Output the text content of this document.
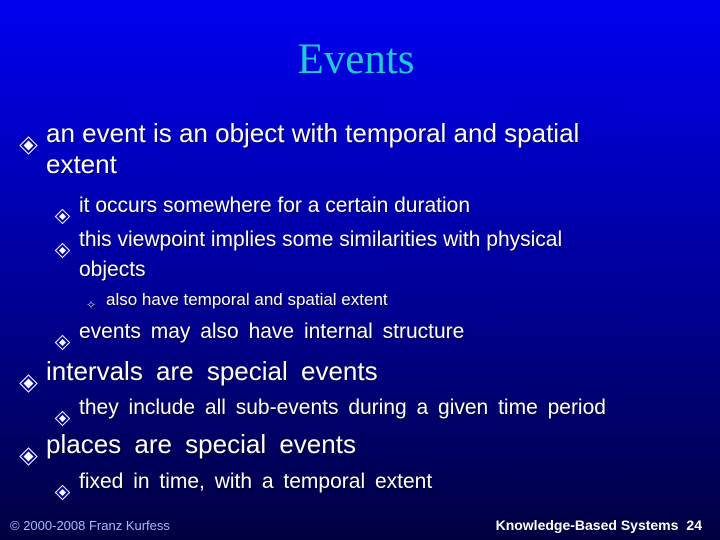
Events
an event is an object with temporal and spatial
extent
it occurs somewhere for a certain duration
this viewpoint implies some similarities with physical
objects
✧ also have temporal and spatial extent
events may also have internal structure
intervals are special events
they include all sub-events during a given time period
places are special events
fixed in time, with a temporal extent
© 2000-2008 Franz Kurfess	Knowledge-Based Systems 24
